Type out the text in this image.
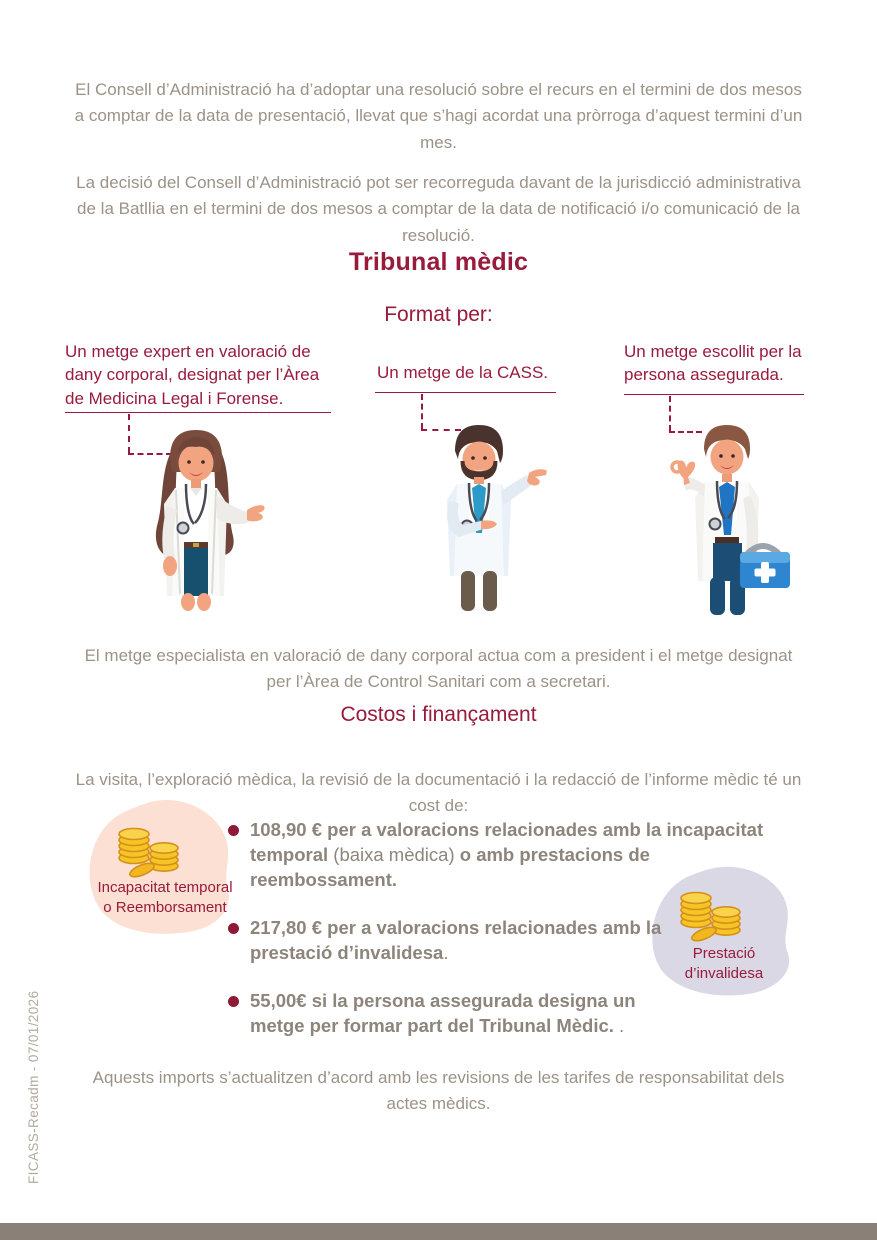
El Consell d’Administració ha d’adoptar una resolució sobre el recurs en el termini de dos mesos a comptar de la data de presentació, llevat que s’hagi acordat una pròrroga d’aquest termini d’un mes.

La decisió del Consell d’Administració pot ser recorreguda davant de la jurisdicció administrativa de la Batllia en el termini de dos mesos a comptar de la data de notificació i/o comunicació de la resolució.

Tribunal mèdic
Format per:
Un metge expert en valoració de dany corporal, designat per l’Àrea de Medicina Legal i Forense.
Un metge de la CASS.
Un metge escollit per la persona assegurada.

El metge especialista en valoració de dany corporal actua com a president i el metge designat per l’Àrea de Control Sanitari com a secretari.

Costos i finançament

La visita, l’exploració mèdica, la revisió de la documentació i la redacció de l’informe mèdic té un cost de:

Incapacitat temporal
o Reemborsament
Prestació
d’invalidesa
108,90 € per a valoracions relacionades amb la incapacitat temporal (baixa mèdica) o amb prestacions de reembossament.
217,80 € per a valoracions relacionades amb la prestació d’invalidesa.
55,00€ si la persona assegurada designa un metge per formar part del Tribunal Mèdic. .

Aquests imports s’actualitzen d’acord amb les revisions de les tarifes de responsabilitat dels actes mèdics.

FICASS-Recadm - 07/01/2026
